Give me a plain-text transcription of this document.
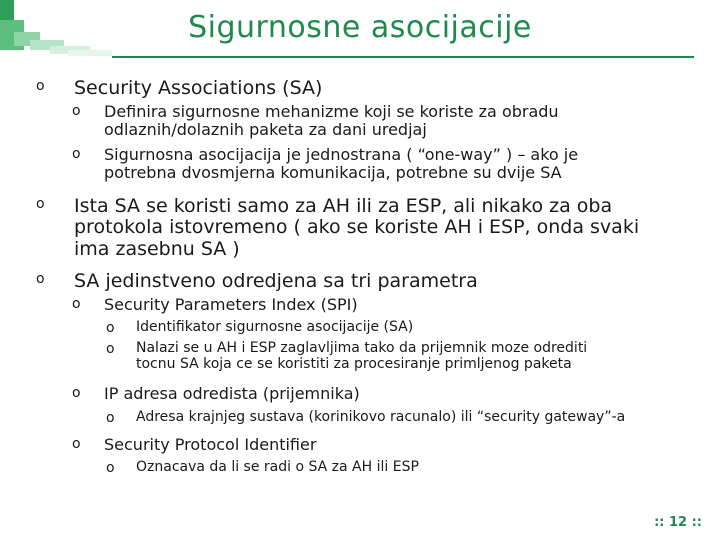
Sigurnosne asocijacije
o Security Associations (SA)
o Definira sigurnosne mehanizme koji se koriste za obradu odlaznih/dolaznih paketa za dani uredjaj
o Sigurnosna asocijacija je jednostrana ( “one-way” ) – ako je potrebna dvosmjerna komunikacija, potrebne su dvije SA
o Ista SA se koristi samo za AH ili za ESP, ali nikako za oba protokola istovremeno ( ako se koriste AH i ESP, onda svaki ima zasebnu SA )
o SA jedinstveno odredjena sa tri parametra
o Security Parameters Index (SPI)
o Identifikator sigurnosne asocijacije (SA)
o Nalazi se u AH i ESP zaglavljima tako da prijemnik moze odrediti tocnu SA koja ce se koristiti za procesiranje primljenog paketa
o IP adresa odredista (prijemnika)
o Adresa krajnjeg sustava (korinikovo racunalo) ili “security gateway”-a
o Security Protocol Identifier
o Oznacava da li se radi o SA za AH ili ESP
:: 12 ::
